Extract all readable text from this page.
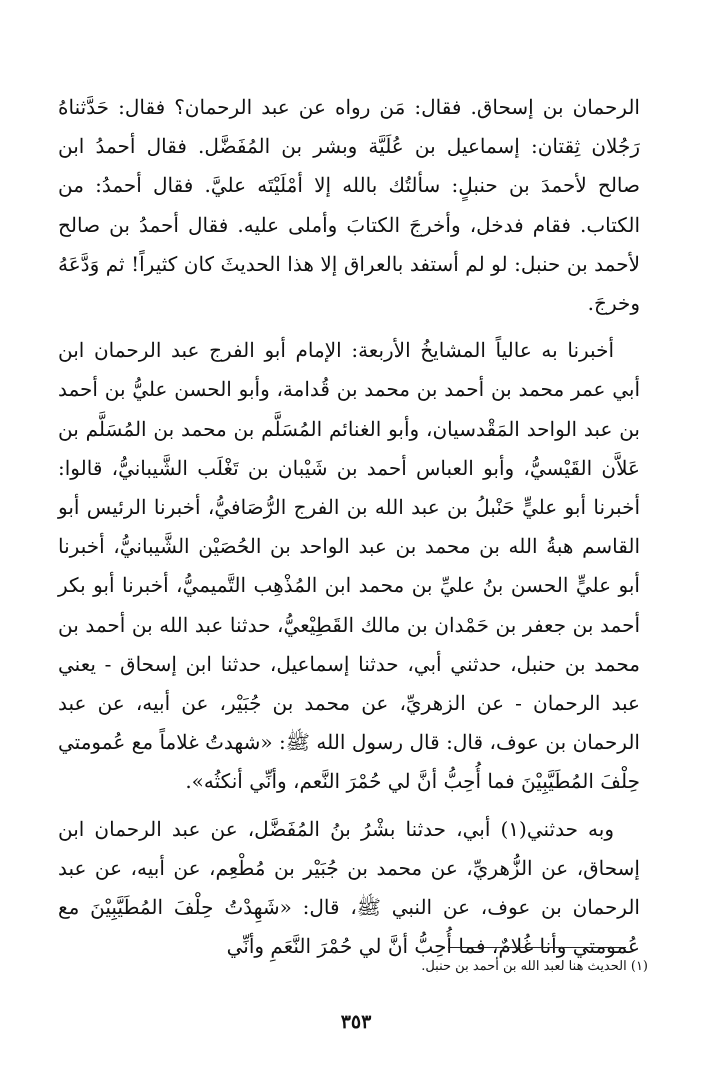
الرحمان بن إسحاق. فقال: مَن رواه عن عبد الرحمان؟ فقال: حَدَّثناهُ رَجُلان ثِقتان: إسماعيل بن عُلَيَّة وبشر بن المُفَضَّل. فقال أحمدُ ابن صالح لأحمدَ بن حنبلٍ: سألتُك بالله إلا أمْلَيْتَه عليَّ. فقال أحمدُ: من الكتاب. فقام فدخل، وأخرجَ الكتابَ وأملى عليه. فقال أحمدُ بن صالح لأحمد بن حنبل: لو لم أستفد بالعراق إلا هذا الحديثَ كان كثيراً! ثم وَدَّعَهُ وخرجَ.

أخبرنا به عالياً المشايخُ الأربعة: الإمام أبو الفرج عبد الرحمان ابن أبي عمر محمد بن أحمد بن محمد بن قُدامة، وأبو الحسن عليُّ بن أحمد بن عبد الواحد المَقْدسيان، وأبو الغنائم المُسَلَّم بن محمد بن المُسَلَّم بن عَلاَّن القَيْسيُّ، وأبو العباس أحمد بن شَيْبان بن تَغْلَب الشَّيبانيُّ، قالوا: أخبرنا أبو عليٍّ حَنْبلُ بن عبد الله بن الفرج الرُّصَافيُّ، أخبرنا الرئيس أبو القاسم هبةُ الله بن محمد بن عبد الواحد بن الحُصَيْن الشَّيبانيُّ، أخبرنا أبو عليٍّ الحسن بنُ عليِّ بن محمد ابن المُذْهِب التَّميميُّ، أخبرنا أبو بكر أحمد بن جعفر بن حَمْدان بن مالك القَطِيْعيُّ، حدثنا عبد الله بن أحمد بن محمد بن حنبل، حدثني أبي، حدثنا إسماعيل، حدثنا ابن إسحاق - يعني عبد الرحمان - عن الزهريِّ، عن محمد بن جُبَيْر، عن أبيه، عن عبد الرحمان بن عوف، قال: قال رسول الله ﷺ: «شهدتُ غلاماً مع عُمومتي حِلْفَ المُطَيَّبِيْنَ فما أُحِبُّ أنَّ لي حُمْرَ النَّعم، وأنِّي أنكثُه».

وبه حدثني(١) أبي، حدثنا بشْرُ بنُ المُفَضَّل، عن عبد الرحمان ابن إسحاق، عن الزُّهريِّ، عن محمد بن جُبَيْر بن مُطْعِم، عن أبيه، عن عبد الرحمان بن عوف، عن النبي ﷺ، قال: «شَهِدْتُ حِلْفَ المُطَيَّبِيْنَ مع عُمومتي وأنا غُلامٌ، فما أُحِبُّ أنَّ لي حُمْرَ النَّعَمِ وأنِّي

(١) الحديث هنا لعبد الله بن أحمد بن حنبل.
٣٥٣
